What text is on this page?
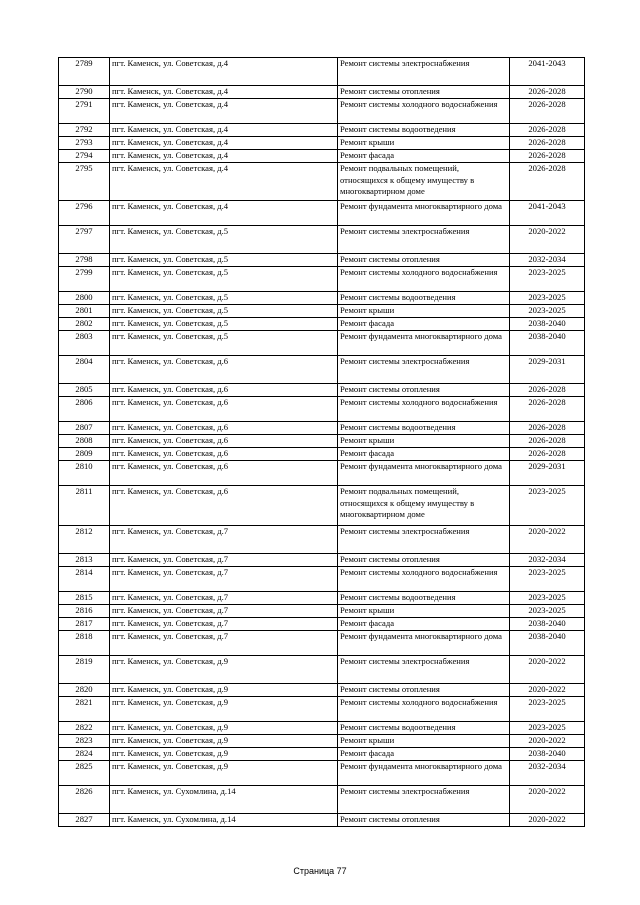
2789	пгт. Каменск, ул. Советская, д.4	Ремонт системы электроснабжения	2041-2043
2790	пгт. Каменск, ул. Советская, д.4	Ремонт системы отопления	2026-2028
2791	пгт. Каменск, ул. Советская, д.4	Ремонт системы холодного водоснабжения	2026-2028
2792	пгт. Каменск, ул. Советская, д.4	Ремонт системы водоотведения	2026-2028
2793	пгт. Каменск, ул. Советская, д.4	Ремонт крыши	2026-2028
2794	пгт. Каменск, ул. Советская, д.4	Ремонт фасада	2026-2028
2795	пгт. Каменск, ул. Советская, д.4	Ремонт подвальных помещений, относящихся к общему имуществу в многоквартирном доме	2026-2028
2796	пгт. Каменск, ул. Советская, д.4	Ремонт фундамента многоквартирного дома	2041-2043
2797	пгт. Каменск, ул. Советская, д.5	Ремонт системы электроснабжения	2020-2022
2798	пгт. Каменск, ул. Советская, д.5	Ремонт системы отопления	2032-2034
2799	пгт. Каменск, ул. Советская, д.5	Ремонт системы холодного водоснабжения	2023-2025
2800	пгт. Каменск, ул. Советская, д.5	Ремонт системы водоотведения	2023-2025
2801	пгт. Каменск, ул. Советская, д.5	Ремонт крыши	2023-2025
2802	пгт. Каменск, ул. Советская, д.5	Ремонт фасада	2038-2040
2803	пгт. Каменск, ул. Советская, д.5	Ремонт фундамента многоквартирного дома	2038-2040
2804	пгт. Каменск, ул. Советская, д.6	Ремонт системы электроснабжения	2029-2031
2805	пгт. Каменск, ул. Советская, д.6	Ремонт системы отопления	2026-2028
2806	пгт. Каменск, ул. Советская, д.6	Ремонт системы холодного водоснабжения	2026-2028
2807	пгт. Каменск, ул. Советская, д.6	Ремонт системы водоотведения	2026-2028
2808	пгт. Каменск, ул. Советская, д.6	Ремонт крыши	2026-2028
2809	пгт. Каменск, ул. Советская, д.6	Ремонт фасада	2026-2028
2810	пгт. Каменск, ул. Советская, д.6	Ремонт фундамента многоквартирного дома	2029-2031
2811	пгт. Каменск, ул. Советская, д.6	Ремонт подвальных помещений, относящихся к общему имуществу в многоквартирном доме	2023-2025
2812	пгт. Каменск, ул. Советская, д.7	Ремонт системы электроснабжения	2020-2022
2813	пгт. Каменск, ул. Советская, д.7	Ремонт системы отопления	2032-2034
2814	пгт. Каменск, ул. Советская, д.7	Ремонт системы холодного водоснабжения	2023-2025
2815	пгт. Каменск, ул. Советская, д.7	Ремонт системы водоотведения	2023-2025
2816	пгт. Каменск, ул. Советская, д.7	Ремонт крыши	2023-2025
2817	пгт. Каменск, ул. Советская, д.7	Ремонт фасада	2038-2040
2818	пгт. Каменск, ул. Советская, д.7	Ремонт фундамента многоквартирного дома	2038-2040
2819	пгт. Каменск, ул. Советская, д.9	Ремонт системы электроснабжения	2020-2022
2820	пгт. Каменск, ул. Советская, д.9	Ремонт системы отопления	2020-2022
2821	пгт. Каменск, ул. Советская, д.9	Ремонт системы холодного водоснабжения	2023-2025
2822	пгт. Каменск, ул. Советская, д.9	Ремонт системы водоотведения	2023-2025
2823	пгт. Каменск, ул. Советская, д.9	Ремонт крыши	2020-2022
2824	пгт. Каменск, ул. Советская, д.9	Ремонт фасада	2038-2040
2825	пгт. Каменск, ул. Советская, д.9	Ремонт фундамента многоквартирного дома	2032-2034
2826	пгт. Каменск, ул. Сухомлина, д.14	Ремонт системы электроснабжения	2020-2022
2827	пгт. Каменск, ул. Сухомлина, д.14	Ремонт системы отопления	2020-2022
Страница 77
